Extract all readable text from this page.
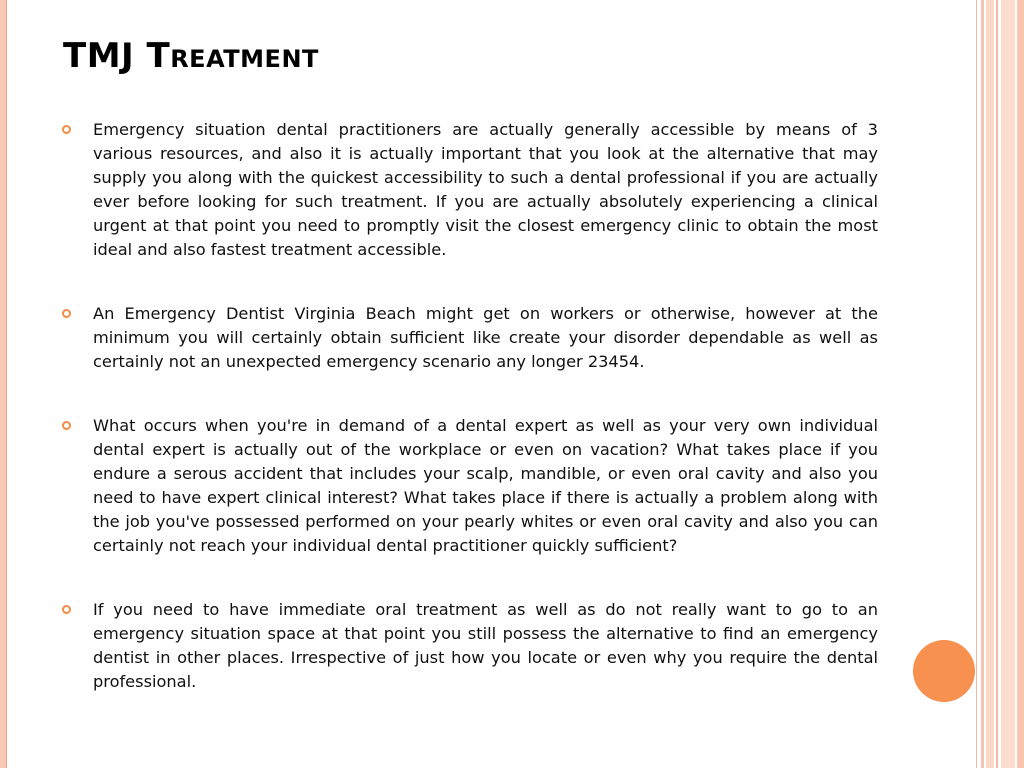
TMJ Treatment

Emergency situation dental practitioners are actually generally accessible by means of 3 various resources, and also it is actually important that you look at the alternative that may supply you along with the quickest accessibility to such a dental professional if you are actually ever before looking for such treatment. If you are actually absolutely experiencing a clinical urgent at that point you need to promptly visit the closest emergency clinic to obtain the most ideal and also fastest treatment accessible.

An Emergency Dentist Virginia Beach might get on workers or otherwise, however at the minimum you will certainly obtain sufficient like create your disorder dependable as well as certainly not an unexpected emergency scenario any longer 23454.

What occurs when you're in demand of a dental expert as well as your very own individual dental expert is actually out of the workplace or even on vacation? What takes place if you endure a serous accident that includes your scalp, mandible, or even oral cavity and also you need to have expert clinical interest? What takes place if there is actually a problem along with the job you've possessed performed on your pearly whites or even oral cavity and also you can certainly not reach your individual dental practitioner quickly sufficient?

If you need to have immediate oral treatment as well as do not really want to go to an emergency situation space at that point you still possess the alternative to find an emergency dentist in other places. Irrespective of just how you locate or even why you require the dental professional.
